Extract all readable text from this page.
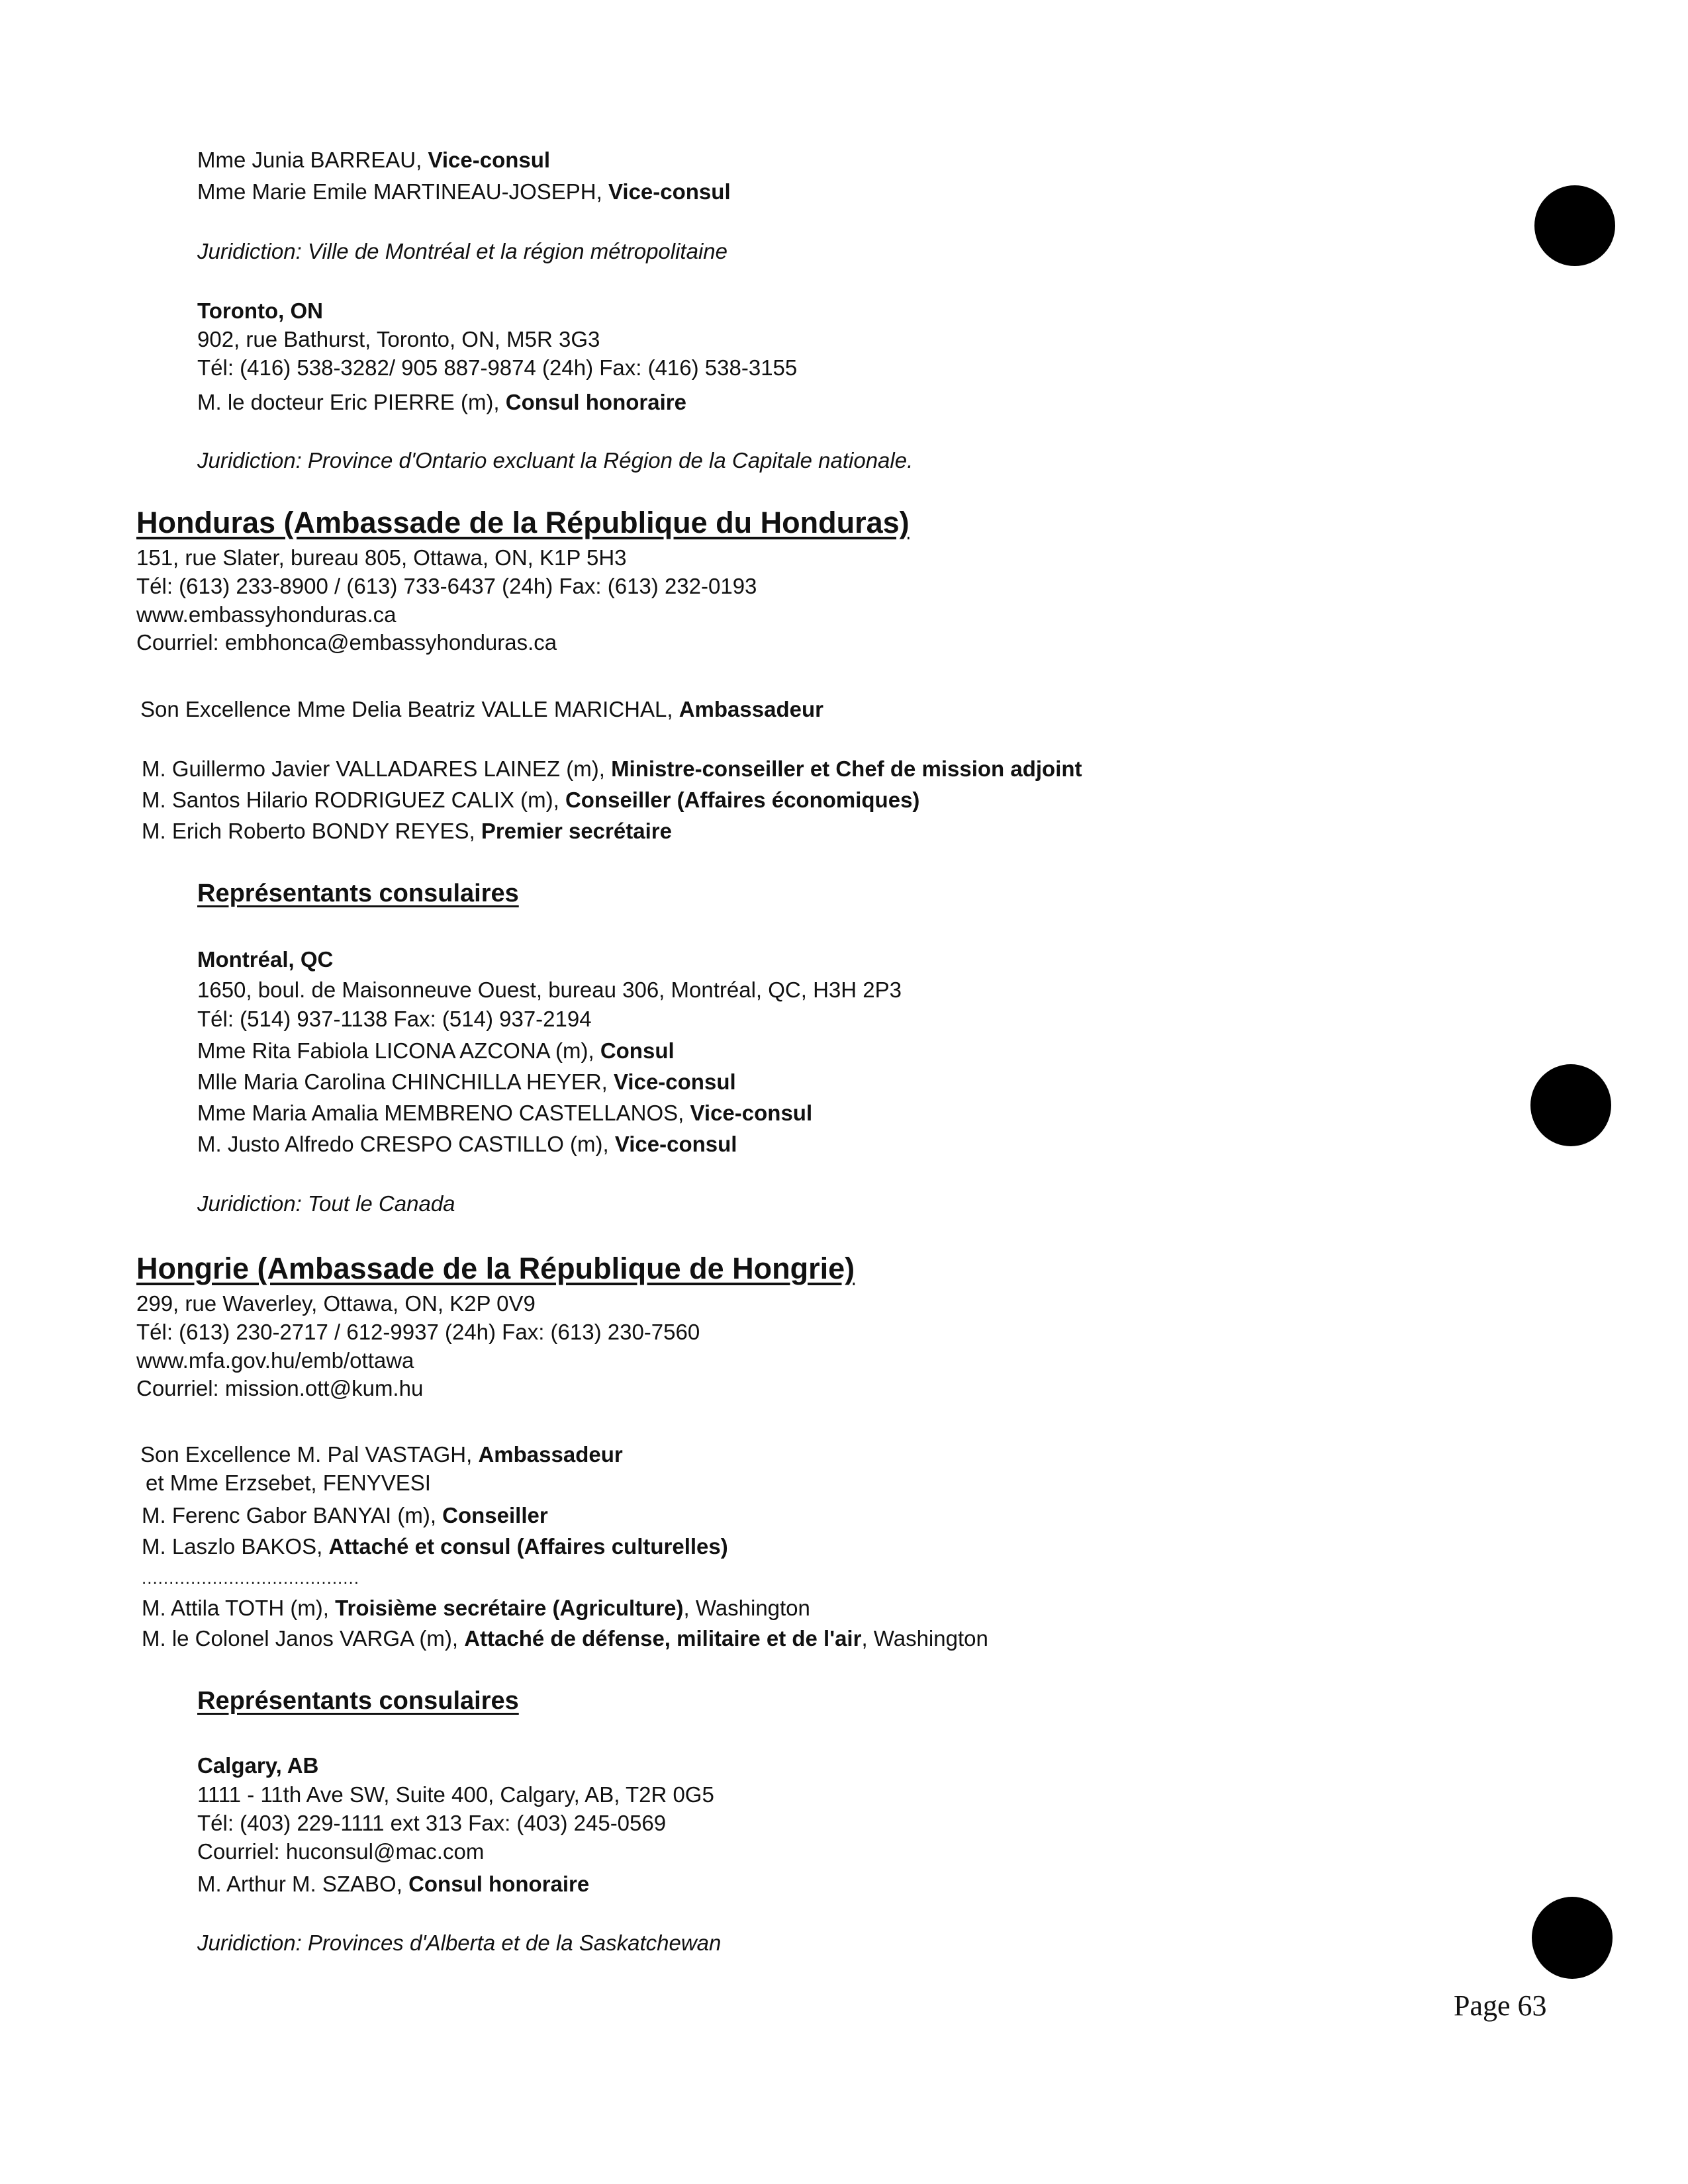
Mme Junia BARREAU, Vice-consul
Mme Marie Emile MARTINEAU-JOSEPH, Vice-consul
Juridiction: Ville de Montréal et la région métropolitaine
Toronto, ON
902, rue Bathurst, Toronto, ON, M5R 3G3
Tél: (416) 538-3282/ 905 887-9874 (24h) Fax: (416) 538-3155
M. le docteur Eric PIERRE (m), Consul honoraire
Juridiction: Province d'Ontario excluant la Région de la Capitale nationale.
Honduras (Ambassade de la République du Honduras)
151, rue Slater, bureau 805, Ottawa, ON, K1P 5H3
Tél: (613) 233-8900 / (613) 733-6437 (24h) Fax: (613) 232-0193
www.embassyhonduras.ca
Courriel: embhonca@embassyhonduras.ca
Son Excellence Mme Delia Beatriz VALLE MARICHAL, Ambassadeur
M. Guillermo Javier VALLADARES LAINEZ (m), Ministre-conseiller et Chef de mission adjoint
M. Santos Hilario RODRIGUEZ CALIX (m), Conseiller (Affaires économiques)
M. Erich Roberto BONDY REYES, Premier secrétaire
Représentants consulaires
Montréal, QC
1650, boul. de Maisonneuve Ouest, bureau 306, Montréal, QC, H3H 2P3
Tél: (514) 937-1138 Fax: (514) 937-2194
Mme Rita Fabiola LICONA AZCONA (m), Consul
Mlle Maria Carolina CHINCHILLA HEYER, Vice-consul
Mme Maria Amalia MEMBRENO CASTELLANOS, Vice-consul
M. Justo Alfredo CRESPO CASTILLO (m), Vice-consul
Juridiction: Tout le Canada
Hongrie (Ambassade de la République de Hongrie)
299, rue Waverley, Ottawa, ON, K2P 0V9
Tél: (613) 230-2717 / 612-9937 (24h) Fax: (613) 230-7560
www.mfa.gov.hu/emb/ottawa
Courriel: mission.ott@kum.hu
Son Excellence M. Pal VASTAGH, Ambassadeur
et Mme Erzsebet, FENYVESI
M. Ferenc Gabor BANYAI (m), Conseiller
M. Laszlo BAKOS, Attaché et consul (Affaires culturelles)
........................................
M. Attila TOTH (m), Troisième secrétaire (Agriculture), Washington
M. le Colonel Janos VARGA (m), Attaché de défense, militaire et de l'air, Washington
Représentants consulaires
Calgary, AB
1111 - 11th Ave SW, Suite 400, Calgary, AB, T2R 0G5
Tél: (403) 229-1111 ext 313 Fax: (403) 245-0569
Courriel: huconsul@mac.com
M. Arthur M. SZABO, Consul honoraire
Juridiction: Provinces d'Alberta et de la Saskatchewan
Page 63
